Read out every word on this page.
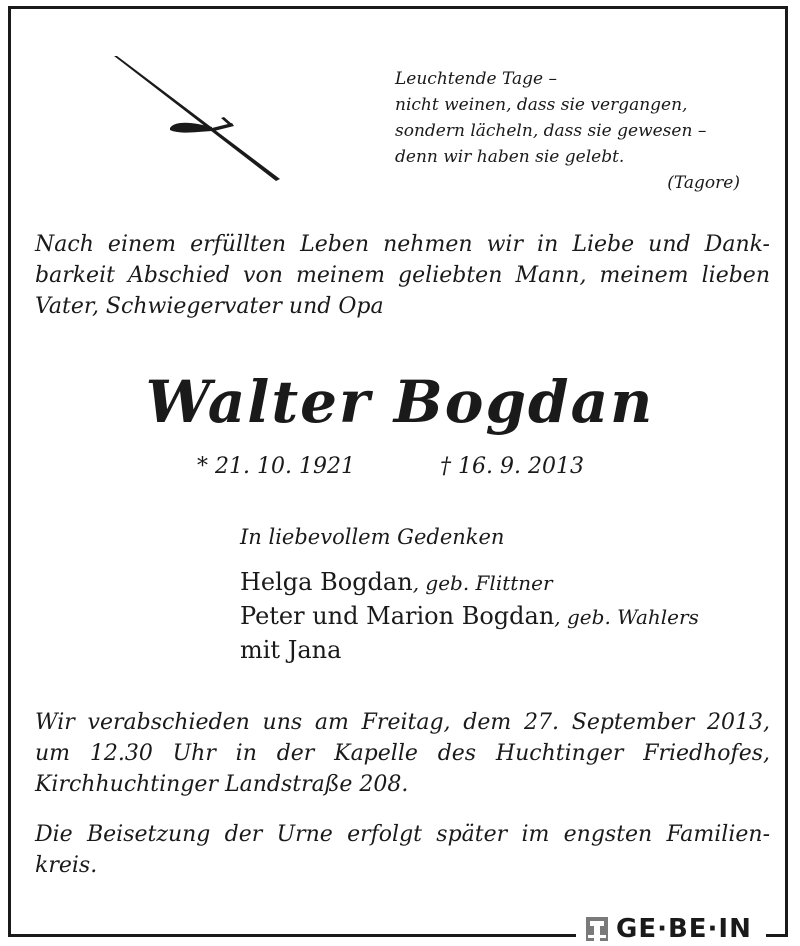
Leuchtende Tage –
nicht weinen, dass sie vergangen,
sondern lächeln, dass sie gewesen –
denn wir haben sie gelebt.
(Tagore)
Nach einem erfüllten Leben nehmen wir in Liebe und Dank-
barkeit Abschied von meinem geliebten Mann, meinem lieben
Vater, Schwiegervater und Opa
Walter Bogdan
* 21. 10. 1921	† 16. 9. 2013
In liebevollem Gedenken
Helga Bogdan, geb. Flittner
Peter und Marion Bogdan, geb. Wahlers
mit Jana
Wir verabschieden uns am Freitag, dem 27. September 2013,
um 12.30 Uhr in der Kapelle des Huchtinger Friedhofes,
Kirchhuchtinger Landstraße 208.
Die Beisetzung der Urne erfolgt später im engsten Familien-
kreis.
GE·BE·IN
